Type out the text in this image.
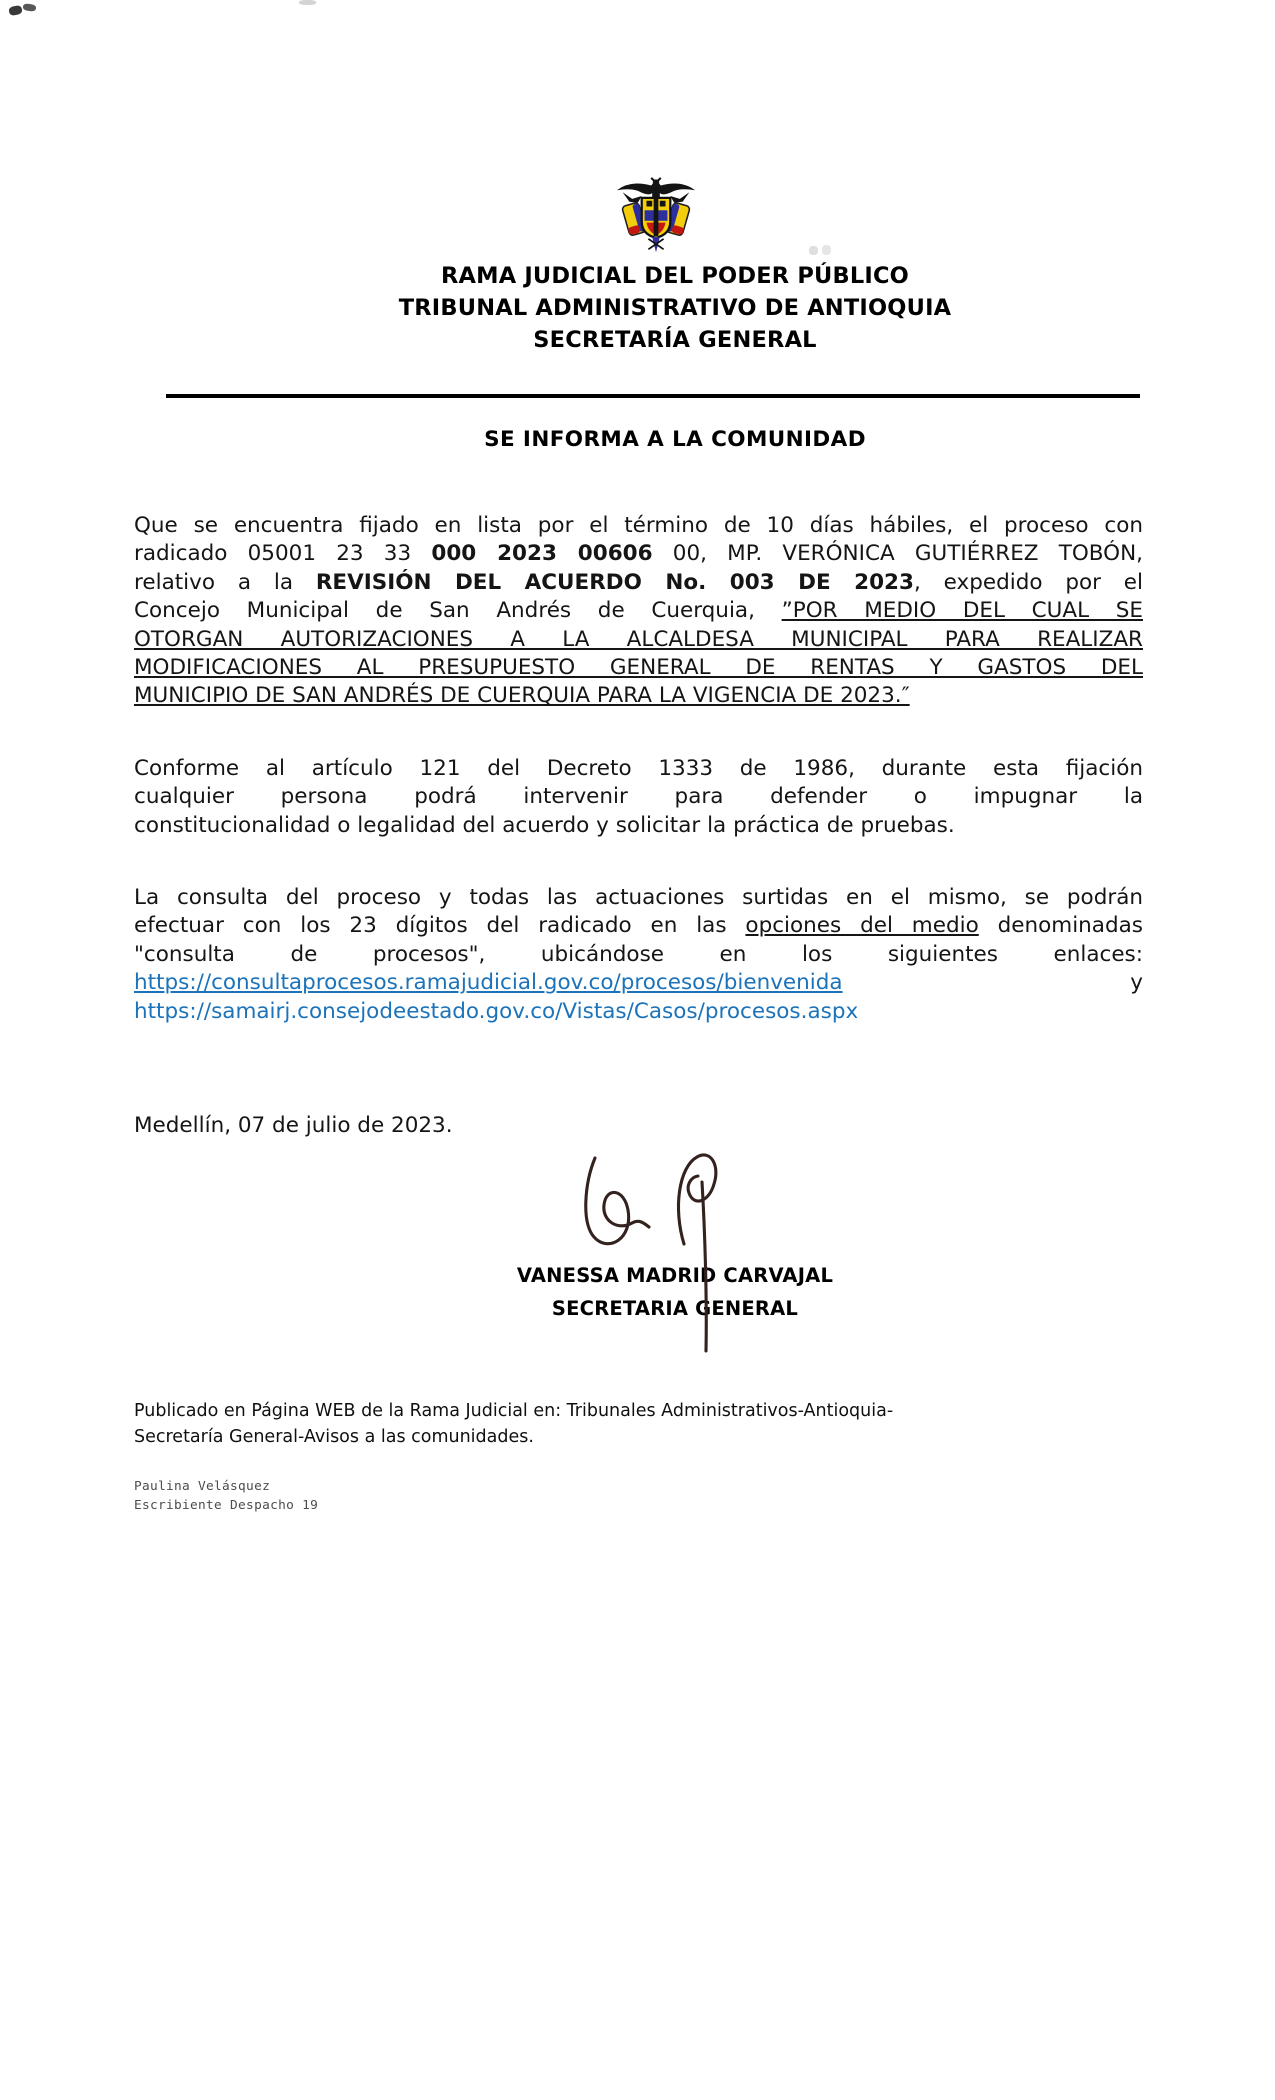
RAMA JUDICIAL DEL PODER PÚBLICO
TRIBUNAL ADMINISTRATIVO DE ANTIOQUIA
SECRETARÍA GENERAL
SE INFORMA A LA COMUNIDAD
Que se encuentra fijado en lista por el término de 10 días hábiles, el proceso con
radicado 05001 23 33 000 2023 00606 00, MP. VERÓNICA GUTIÉRREZ TOBÓN,
relativo a la REVISIÓN DEL ACUERDO No. 003 DE 2023, expedido por el
Concejo Municipal de San Andrés de Cuerquia, ”POR MEDIO DEL CUAL SE
OTORGAN AUTORIZACIONES A LA ALCALDESA MUNICIPAL PARA REALIZAR
MODIFICACIONES AL PRESUPUESTO GENERAL DE RENTAS Y GASTOS DEL
MUNICIPIO DE SAN ANDRÉS DE CUERQUIA PARA LA VIGENCIA DE 2023.″
Conforme al artículo 121 del Decreto 1333 de 1986, durante esta fijación
cualquier persona podrá intervenir para defender o impugnar la
constitucionalidad o legalidad del acuerdo y solicitar la práctica de pruebas.
La consulta del proceso y todas las actuaciones surtidas en el mismo, se podrán
efectuar con los 23 dígitos del radicado en las opciones del medio denominadas
"consulta de procesos", ubicándose en los siguientes enlaces:
https://consultaprocesos.ramajudicial.gov.co/procesos/bienvenida y
https://samairj.consejodeestado.gov.co/Vistas/Casos/procesos.aspx
Medellín, 07 de julio de 2023.
VANESSA MADRID CARVAJAL
SECRETARIA GENERAL
Publicado en Página WEB de la Rama Judicial en: Tribunales Administrativos-Antioquia-
Secretaría General-Avisos a las comunidades.
Paulina Velásquez
Escribiente Despacho 19
